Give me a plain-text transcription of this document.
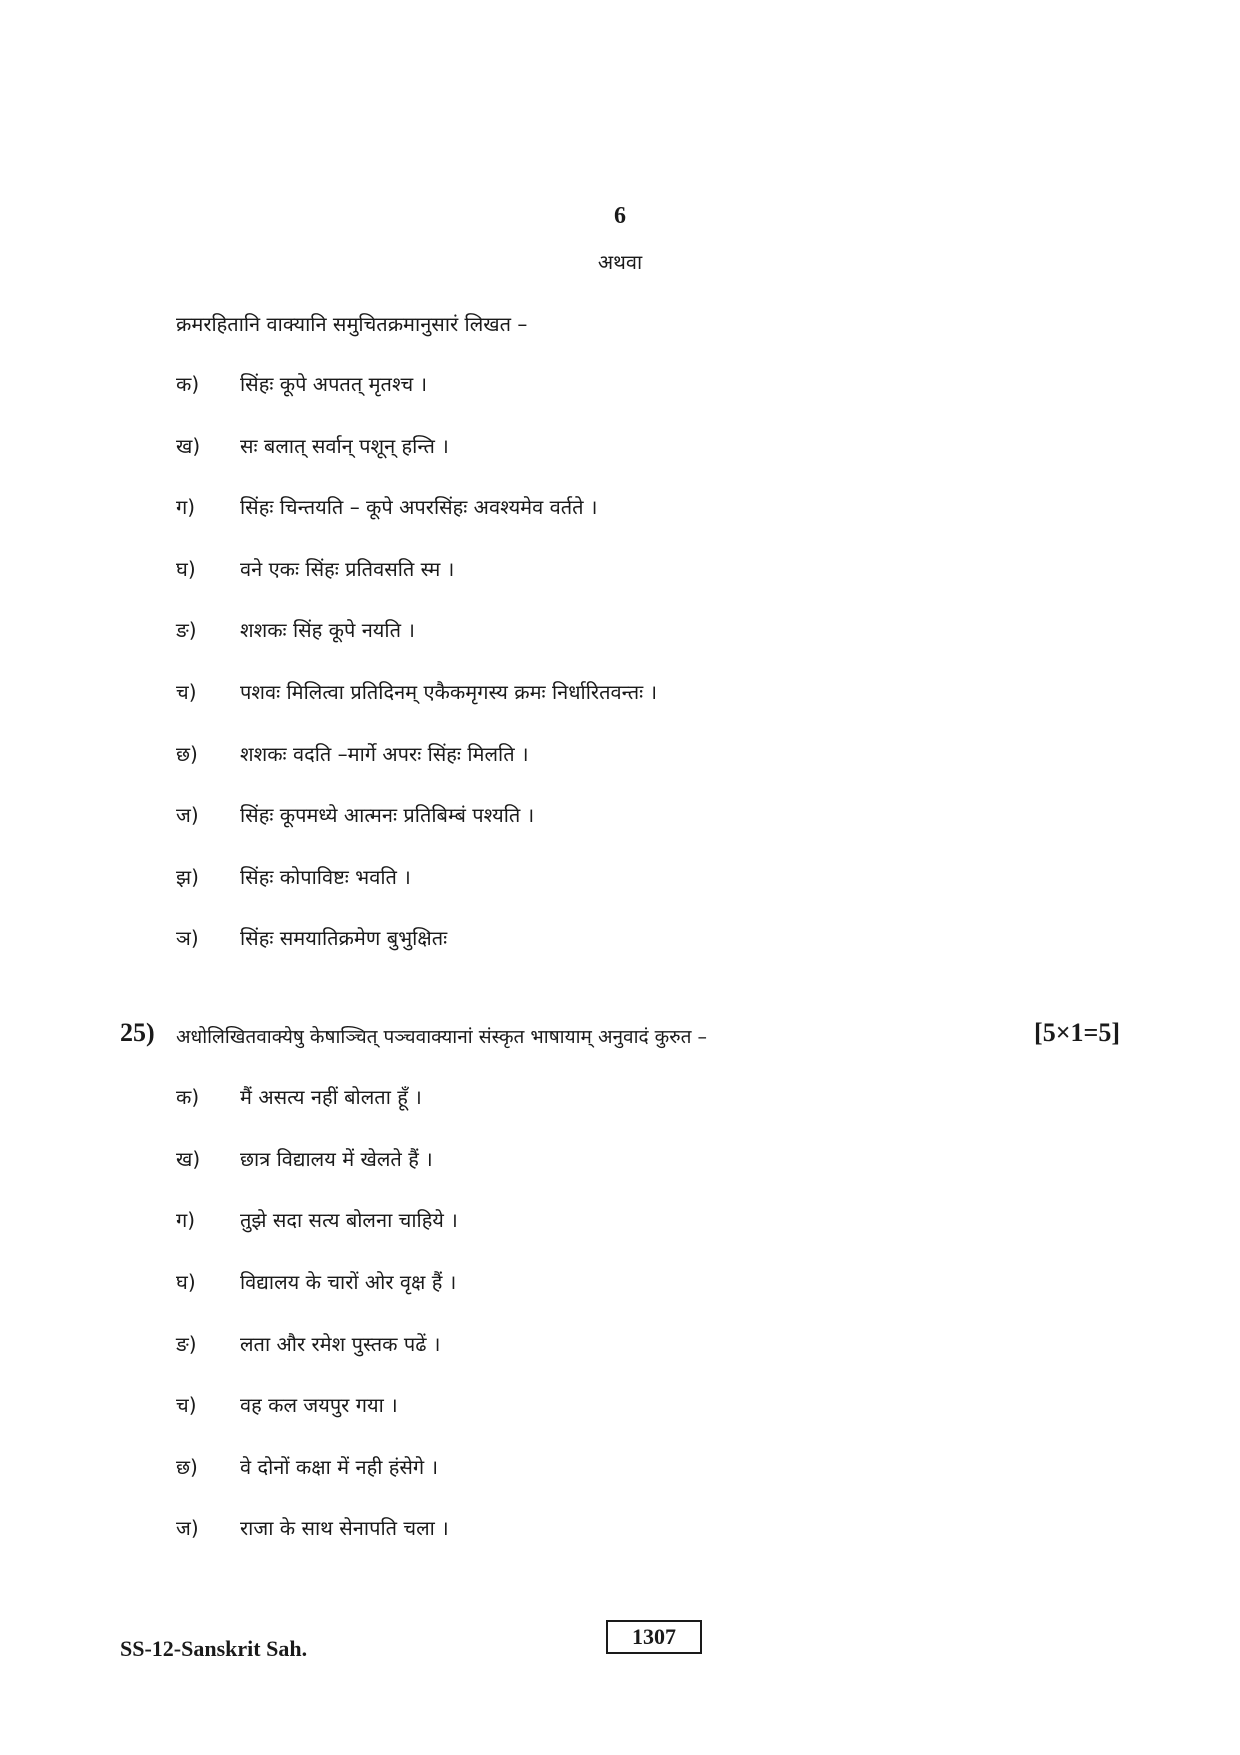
6
अथवा
क्रमरहितानि वाक्यानि समुचितक्रमानुसारं लिखत –
क) सिंहः कूपे अपतत् मृतश्च ।
ख) सः बलात् सर्वान् पशून् हन्ति ।
ग) सिंहः चिन्तयति – कूपे अपरसिंहः अवश्यमेव वर्तते ।
घ) वने एकः सिंहः प्रतिवसति स्म ।
ङ) शशकः सिंह कूपे नयति ।
च) पशवः मिलित्वा प्रतिदिनम् एकैकमृगस्य क्रमः निर्धारितवन्तः ।
छ) शशकः वदति –मार्गे अपरः सिंहः मिलति ।
ज) सिंहः कूपमध्ये आत्मनः प्रतिबिम्बं पश्यति ।
झ) सिंहः कोपाविष्टः भवति ।
ञ) सिंहः समयातिक्रमेण बुभुक्षितः
25) अधोलिखितवाक्येषु केषाञ्चित् पञ्चवाक्यानां संस्कृत भाषायाम् अनुवादं कुरुत –	[5×1=5]
क) मैं असत्य नहीं बोलता हूँ ।
ख) छात्र विद्यालय में खेलते हैं ।
ग) तुझे सदा सत्य बोलना चाहिये ।
घ) विद्यालय के चारों ओर वृक्ष हैं ।
ङ) लता और रमेश पुस्तक पढें ।
च) वह कल जयपुर गया ।
छ) वे दोनों कक्षा में नही हंसेगे ।
ज) राजा के साथ सेनापति चला ।
SS-12-Sanskrit Sah.	1307
